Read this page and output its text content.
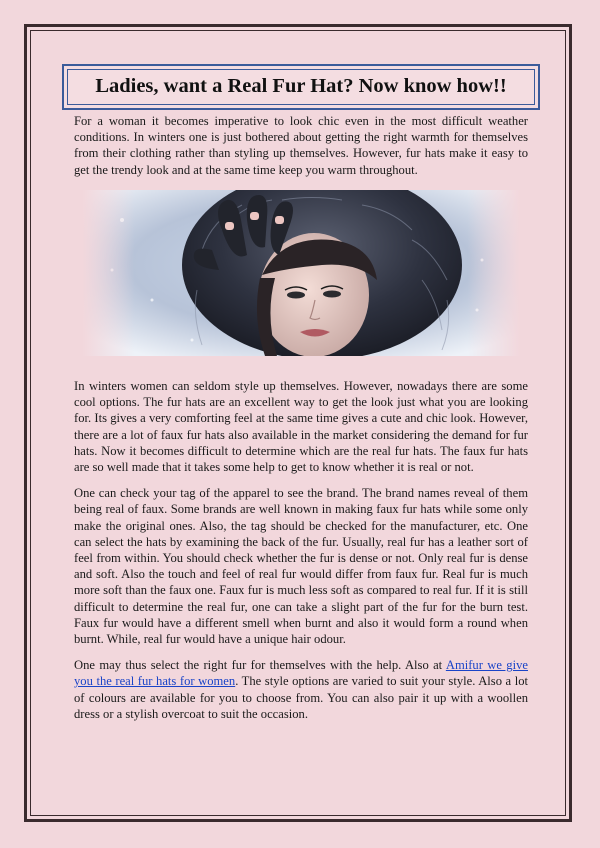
Ladies, want a Real Fur Hat? Now know how!!

For a woman it becomes imperative to look chic even in the most difficult weather conditions. In winters one is just bothered about getting the right warmth for themselves from their clothing rather than styling up themselves. However, fur hats make it easy to get the trendy look and at the same time keep you warm throughout.

In winters women can seldom style up themselves. However, nowadays there are some cool options. The fur hats are an excellent way to get the look just what you are looking for. Its gives a very comforting feel at the same time gives a cute and chic look. However, there are a lot of faux fur hats also available in the market considering the demand for fur hats. Now it becomes difficult to determine which are the real fur hats. The faux fur hats are so well made that it takes some help to get to know whether it is real or not.

One can check your tag of the apparel to see the brand. The brand names reveal of them being real of faux. Some brands are well known in making faux fur hats while some only make the original ones. Also, the tag should be checked for the manufacturer, etc. One can select the hats by examining the back of the fur. Usually, real fur has a leather sort of feel from within. You should check whether the fur is dense or not. Only real fur is dense and soft. Also the touch and feel of real fur would differ from faux fur. Real fur is much more soft than the faux one. Faux fur is much less soft as compared to real fur. If it is still difficult to determine the real fur, one can take a slight part of the fur for the burn test. Faux fur would have a different smell when burnt and also it would form a round when burnt. While, real fur would have a unique hair odour.

One may thus select the right fur for themselves with the help. Also at Amifur we give you the real fur hats for women. The style options are varied to suit your style. Also a lot of colours are available for you to choose from. You can also pair it up with a woollen dress or a stylish overcoat to suit the occasion.
